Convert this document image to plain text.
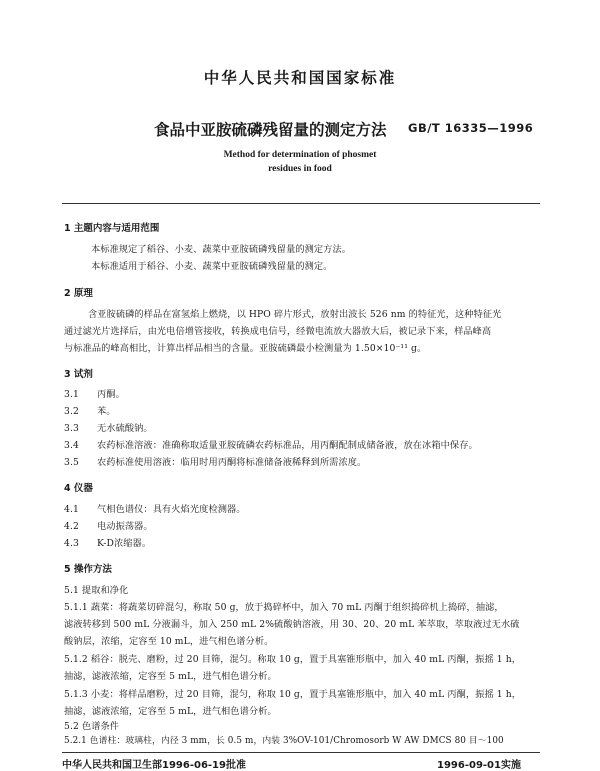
中华人民共和国国家标准
食品中亚胺硫磷残留量的测定方法 GB/T 16335—1996
Method for determination of phosmet
residues in food
1 主题内容与适用范围
本标准规定了稻谷、小麦、蔬菜中亚胺硫磷残留量的测定方法。
本标准适用于稻谷、小麦、蔬菜中亚胺硫磷残留量的测定。
2 原理
含亚胺硫磷的样品在富氢焰上燃烧，以 HPO 碎片形式，放射出波长 526 nm 的特征光，这种特征光
通过滤光片选择后，由光电倍增管接收，转换成电信号，经微电流放大器放大后，被记录下来，样品峰高
与标准品的峰高相比，计算出样品相当的含量。亚胺硫磷最小检测量为 1.50×10⁻¹¹ g。
3 试剂
3.1 丙酮。
3.2 苯。
3.3 无水硫酸钠。
3.4 农药标准溶液：准确称取适量亚胺硫磷农药标准品，用丙酮配制成储备液，放在冰箱中保存。
3.5 农药标准使用溶液：临用时用丙酮将标准储备液稀释到所需浓度。
4 仪器
4.1 气相色谱仪：具有火焰光度检测器。
4.2 电动振荡器。
4.3 K-D浓缩器。
5 操作方法
5.1 提取和净化
5.1.1 蔬菜：将蔬菜切碎混匀，称取 50 g，放于捣碎杯中，加入 70 mL 丙酮于组织捣碎机上捣碎，抽滤，
滤液转移到 500 mL 分液漏斗，加入 250 mL 2%硫酸钠溶液，用 30、20、20 mL 苯萃取，萃取液过无水硫
酸钠层，浓缩，定容至 10 mL，进气相色谱分析。
5.1.2 稻谷：脱壳、磨粉，过 20 目筛，混匀。称取 10 g，置于具塞锥形瓶中，加入 40 mL 丙酮，振摇 1 h，
抽滤，滤液浓缩，定容至 5 mL，进气相色谱分析。
5.1.3 小麦：将样品磨粉，过 20 目筛，混匀，称取 10 g，置于具塞锥形瓶中，加入 40 mL 丙酮，振摇 1 h，
抽滤，滤液浓缩，定容至 5 mL，进气相色谱分析。
5.2 色谱条件
5.2.1 色谱柱：玻璃柱，内径 3 mm，长 0.5 m，内装 3%OV-101/Chromosorb W AW DMCS 80 目～100
中华人民共和国卫生部1996-06-19批准	1996-09-01实施
